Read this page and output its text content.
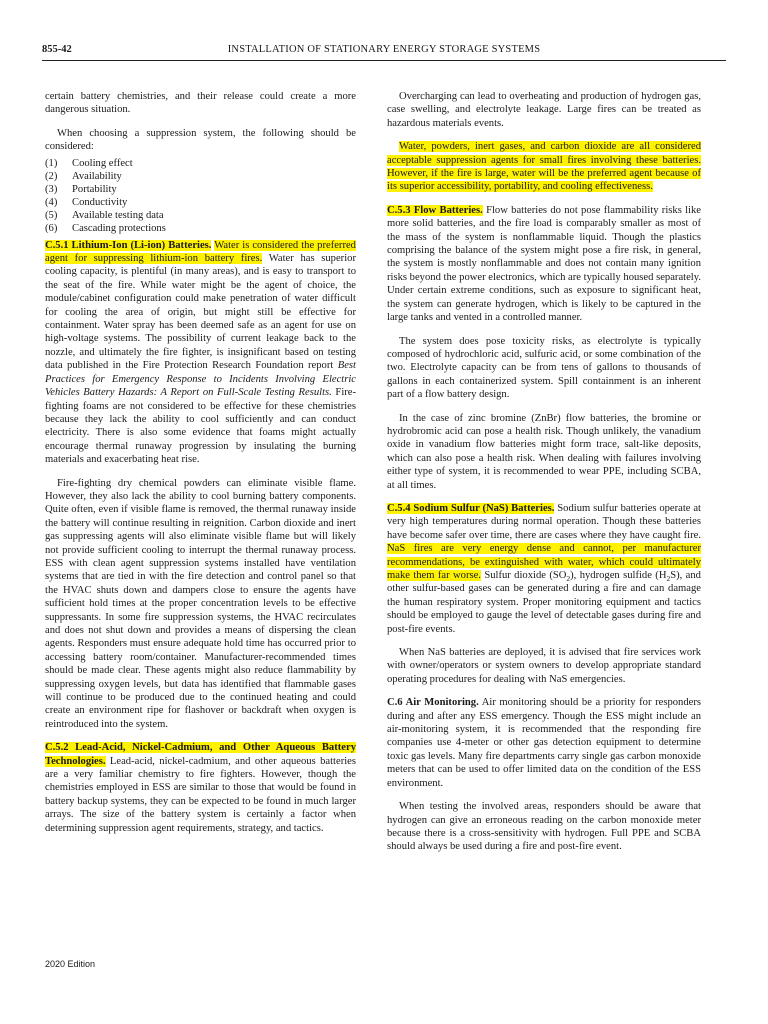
855-42	INSTALLATION OF STATIONARY ENERGY STORAGE SYSTEMS

certain battery chemistries, and their release could create a more dangerous situation.

When choosing a suppression system, the following should be considered:

(1)	Cooling effect
(2)	Availability
(3)	Portability
(4)	Conductivity
(5)	Available testing data
(6)	Cascading protections

C.5.1 Lithium-Ion (Li-ion) Batteries. Water is considered the preferred agent for suppressing lithium-ion battery fires. Water has superior cooling capacity, is plentiful (in many areas), and is easy to transport to the seat of the fire. While water might be the agent of choice, the module/cabinet configuration could make penetration of water difficult for cooling the area of origin, but might still be effective for containment. Water spray has been deemed safe as an agent for use on high-voltage systems. The possibility of current leakage back to the nozzle, and ultimately the fire fighter, is insignificant based on testing data published in the Fire Protection Research Foundation report Best Practices for Emergency Response to Incidents Involving Electric Vehicles Battery Hazards: A Report on Full-Scale Testing Results. Fire-fighting foams are not considered to be effective for these chemistries because they lack the ability to cool sufficiently and can conduct electricity. There is also some evidence that foams might actually encourage thermal runaway progression by insulating the burning materials and exacerbating heat rise.

Fire-fighting dry chemical powders can eliminate visible flame. However, they also lack the ability to cool burning battery components. Quite often, even if visible flame is removed, the thermal runaway inside the battery will continue resulting in reignition. Carbon dioxide and inert gas suppressing agents will also eliminate visible flame but will likely not provide sufficient cooling to interrupt the thermal runaway process. ESS with clean agent suppression systems installed have ventilation systems that are tied in with the fire detection and control panel so that the HVAC shuts down and dampers close to ensure the agents have sufficient hold times at the proper concentration levels to be effective suppressants. In some fire suppression systems, the HVAC recirculates and does not shut down and provides a means of dispersing the clean agents. Responders must ensure adequate hold time has occurred prior to accessing battery room/container. Manufacturer-recommended times should be made clear. These agents might also reduce flammability by suppressing oxygen levels, but data has identified that flammable gases will continue to be produced due to the continued heating and could create an environment ripe for flashover or backdraft when oxygen is reintroduced into the system.

C.5.2 Lead-Acid, Nickel-Cadmium, and Other Aqueous Battery Technologies. Lead-acid, nickel-cadmium, and other aqueous batteries are a very familiar chemistry to fire fighters. However, though the chemistries employed in ESS are similar to those that would be found in battery backup systems, they can be expected to be found in much larger arrays. The size of the battery system is certainly a factor when determining suppression agent requirements, strategy, and tactics.

Overcharging can lead to overheating and production of hydrogen gas, case swelling, and electrolyte leakage. Large fires can be treated as hazardous materials events.

Water, powders, inert gases, and carbon dioxide are all considered acceptable suppression agents for small fires involving these batteries. However, if the fire is large, water will be the preferred agent because of its superior accessibility, portability, and cooling effectiveness.

C.5.3 Flow Batteries. Flow batteries do not pose flammability risks like more solid batteries, and the fire load is comparably smaller as most of the mass of the system is nonflammable liquid. Though the plastics comprising the balance of the system might pose a fire risk, in general, the system is mostly nonflammable and does not contain many ignition risks beyond the power electronics, which are typically housed separately. Under certain extreme conditions, such as exposure to significant heat, the system can generate hydrogen, which is likely to be captured in the large tanks and vented in a controlled manner.

The system does pose toxicity risks, as electrolyte is typically composed of hydrochloric acid, sulfuric acid, or some combination of the two. Electrolyte capacity can be from tens of gallons to thousands of gallons in each containerized system. Spill containment is an inherent part of a flow battery design.

In the case of zinc bromine (ZnBr) flow batteries, the bromine or hydrobromic acid can pose a health risk. Though unlikely, the vanadium oxide in vanadium flow batteries might form trace, salt-like deposits, which can also pose a health risk. When dealing with failures involving either type of system, it is recommended to wear PPE, including SCBA, at all times.

C.5.4 Sodium Sulfur (NaS) Batteries. Sodium sulfur batteries operate at very high temperatures during normal operation. Though these batteries have become safer over time, there are cases where they have caught fire. NaS fires are very energy dense and cannot, per manufacturer recommendations, be extinguished with water, which could ultimately make them far worse. Sulfur dioxide $(SO_2)$, hydrogen sulfide $(H_2S)$, and other sulfur-based gases can be generated during a fire and can damage the human respiratory system. Proper monitoring equipment and tactics should be employed to gauge the level of detectable gases during fire and post-fire events.

When NaS batteries are deployed, it is advised that fire services work with owner/operators or system owners to develop appropriate standard operating procedures for dealing with NaS emergencies.

C.6 Air Monitoring. Air monitoring should be a priority for responders during and after any ESS emergency. Though the ESS might include an air-monitoring system, it is recommended that the responding fire companies use 4-meter or other gas detection equipment to determine toxic gas levels. Many fire departments carry single gas carbon monoxide meters that can be used to offer limited data on the condition of the ESS environment.

When testing the involved areas, responders should be aware that hydrogen can give an erroneous reading on the carbon monoxide meter because there is a cross-sensitivity with hydrogen. Full PPE and SCBA should always be used during a fire and post-fire event.

2020 Edition
